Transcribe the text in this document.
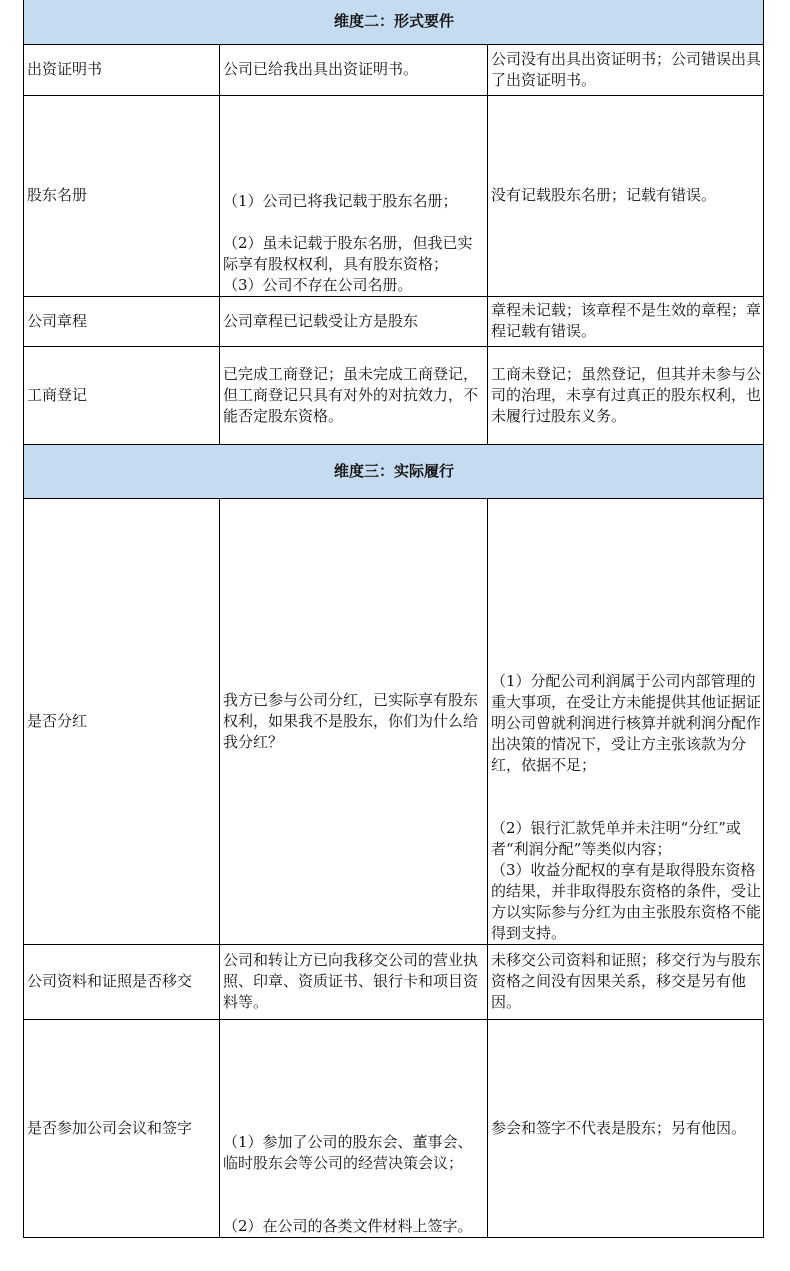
维度二：形式要件		
出资证明书	公司已给我出具出资证明书。	公司没有出具出资证明书；公司错误出具了出资证明书。

股东名册	（1）公司已将我记载于股东名册；
（2）虽未记载于股东名册，但我已实际享有股权权利，具有股东资格；
（3）公司不存在公司名册。	没有记载股东名册；记载有错误。

公司章程	公司章程已记载受让方是股东	章程未记载；该章程不是生效的章程；章程记载有错误。

工商登记	已完成工商登记；虽未完成工商登记，但工商登记只具有对外的对抗效力，不能否定股东资格。	工商未登记；虽然登记，但其并未参与公司的治理，未享有过真正的股东权利，也未履行过股东义务。

维度三：实际履行		
是否分红	我方已参与公司分红，已实际享有股东权利，如果我不是股东，你们为什么给我分红？	（1）分配公司利润属于公司内部管理的重大事项，在受让方未能提供其他证据证明公司曾就利润进行核算并就利润分配作出决策的情况下，受让方主张该款为分红，依据不足；
（2）银行汇款凭单并未注明“分红”或者“利润分配”等类似内容；
（3）收益分配权的享有是取得股东资格的结果，并非取得股东资格的条件，受让方以实际参与分红为由主张股东资格不能得到支持。

公司资料和证照是否移交	公司和转让方已向我移交公司的营业执照、印章、资质证书、银行卡和项目资料等。	未移交公司资料和证照；移交行为与股东资格之间没有因果关系，移交是另有他因。

是否参加公司会议和签字	（1）参加了公司的股东会、董事会、临时股东会等公司的经营决策会议；
（2）在公司的各类文件材料上签字。	参会和签字不代表是股东；另有他因。
